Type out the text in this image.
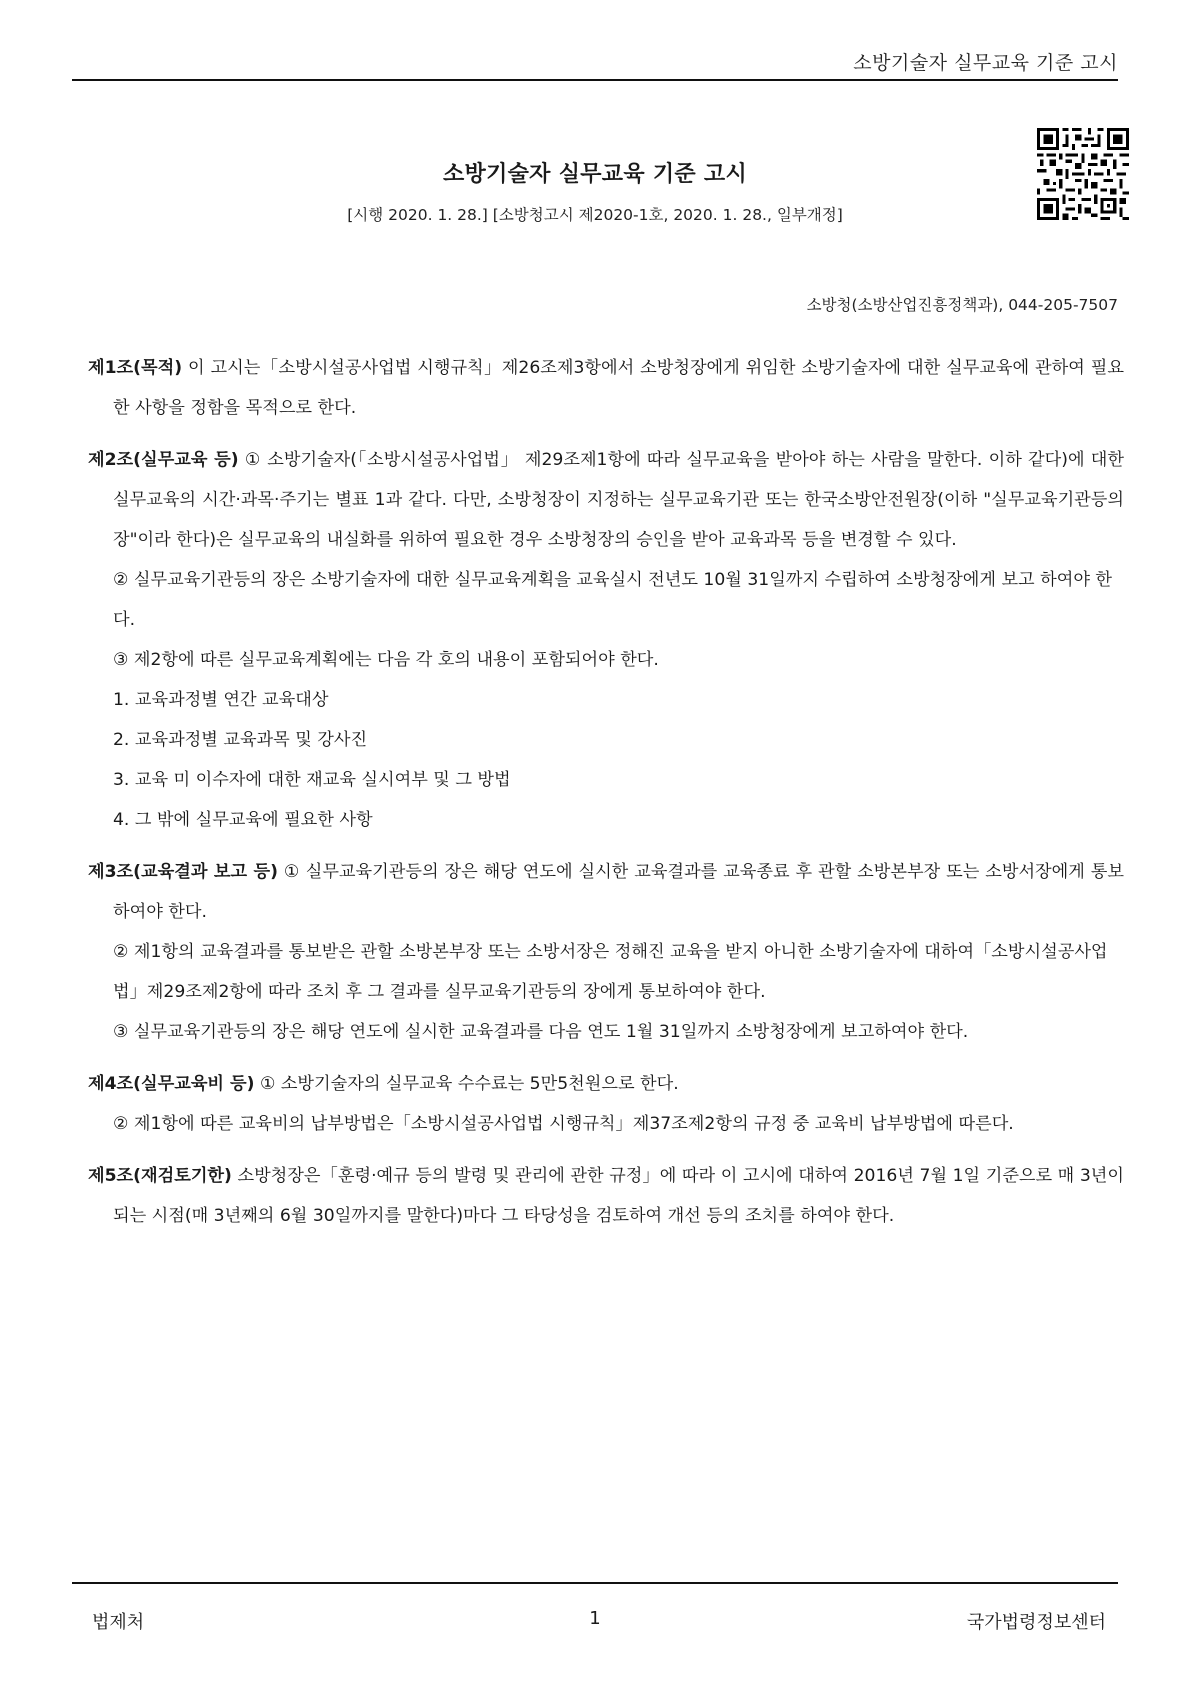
소방기술자 실무교육 기준 고시
소방기술자 실무교육 기준 고시
[시행 2020. 1. 28.] [소방청고시 제2020-1호, 2020. 1. 28., 일부개정]
소방청(소방산업진흥정책과), 044-205-7507
제1조(목적) 이 고시는「소방시설공사업법 시행규칙」제26조제3항에서 소방청장에게 위임한 소방기술자에 대한 실무교육에 관하여 필요한 사항을 정함을 목적으로 한다.
제2조(실무교육 등) ① 소방기술자(「소방시설공사업법」 제29조제1항에 따라 실무교육을 받아야 하는 사람을 말한다. 이하 같다)에 대한 실무교육의 시간·과목·주기는 별표 1과 같다. 다만, 소방청장이 지정하는 실무교육기관 또는 한국소방안전원장(이하 "실무교육기관등의 장"이라 한다)은 실무교육의 내실화를 위하여 필요한 경우 소방청장의 승인을 받아 교육과목 등을 변경할 수 있다.
② 실무교육기관등의 장은 소방기술자에 대한 실무교육계획을 교육실시 전년도 10월 31일까지 수립하여 소방청장에게 보고 하여야 한다.
③ 제2항에 따른 실무교육계획에는 다음 각 호의 내용이 포함되어야 한다.
1. 교육과정별 연간 교육대상
2. 교육과정별 교육과목 및 강사진
3. 교육 미 이수자에 대한 재교육 실시여부 및 그 방법
4. 그 밖에 실무교육에 필요한 사항
제3조(교육결과 보고 등) ① 실무교육기관등의 장은 해당 연도에 실시한 교육결과를 교육종료 후 관할 소방본부장 또는 소방서장에게 통보하여야 한다.
② 제1항의 교육결과를 통보받은 관할 소방본부장 또는 소방서장은 정해진 교육을 받지 아니한 소방기술자에 대하여「소방시설공사업법」제29조제2항에 따라 조치 후 그 결과를 실무교육기관등의 장에게 통보하여야 한다.
③ 실무교육기관등의 장은 해당 연도에 실시한 교육결과를 다음 연도 1월 31일까지 소방청장에게 보고하여야 한다.
제4조(실무교육비 등) ① 소방기술자의 실무교육 수수료는 5만5천원으로 한다.
② 제1항에 따른 교육비의 납부방법은「소방시설공사업법 시행규칙」제37조제2항의 규정 중 교육비 납부방법에 따른다.
제5조(재검토기한) 소방청장은「훈령·예규 등의 발령 및 관리에 관한 규정」에 따라 이 고시에 대하여 2016년 7월 1일 기준으로 매 3년이 되는 시점(매 3년째의 6월 30일까지를 말한다)마다 그 타당성을 검토하여 개선 등의 조치를 하여야 한다.
법제처	1	국가법령정보센터
